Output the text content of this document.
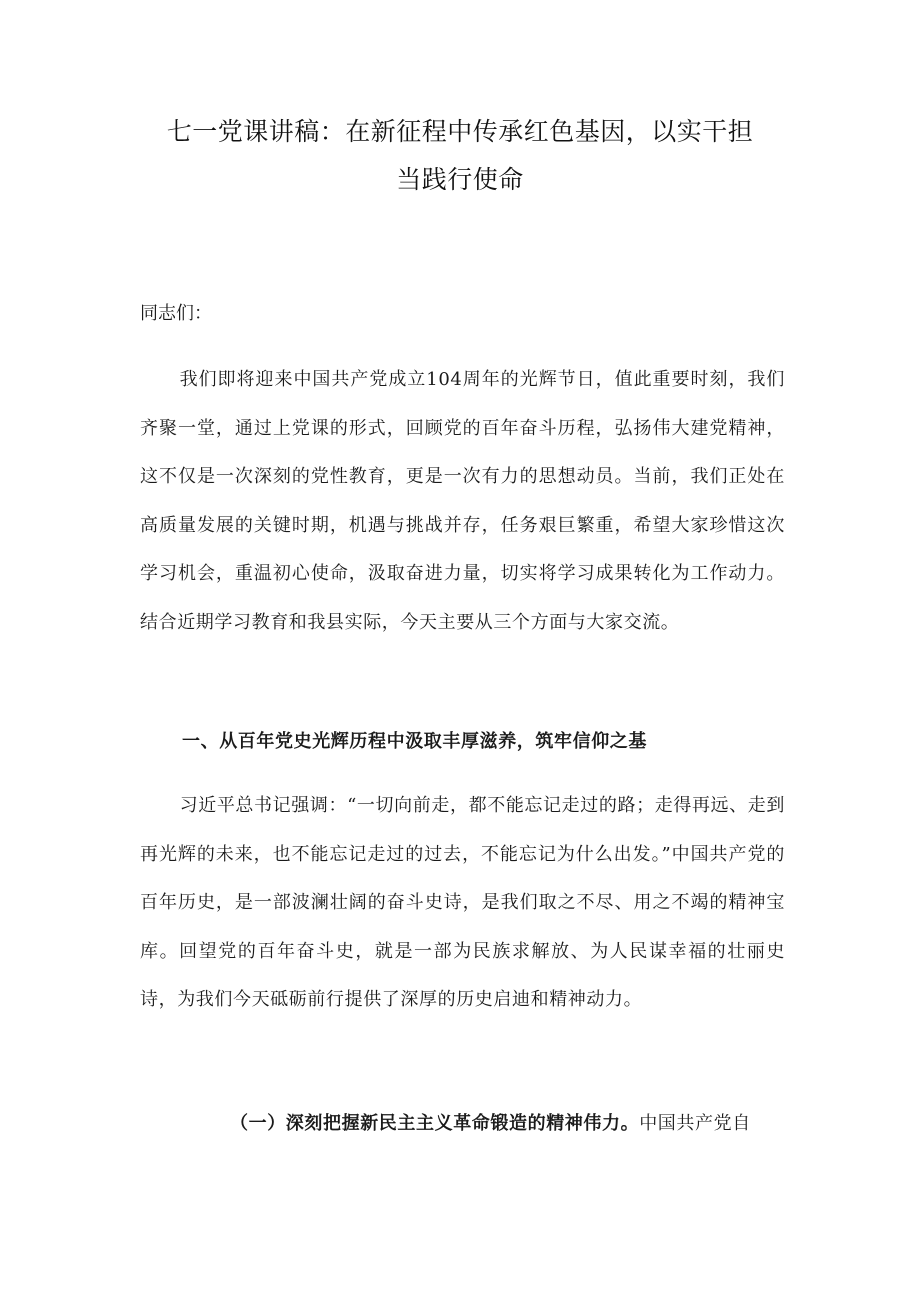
七一党课讲稿：在新征程中传承红色基因，以实干担
当践行使命

同志们：

我们即将迎来中国共产党成立104周年的光辉节日，值此重要时刻，我们齐聚一堂，通过上党课的形式，回顾党的百年奋斗历程，弘扬伟大建党精神，这不仅是一次深刻的党性教育，更是一次有力的思想动员。当前，我们正处在高质量发展的关键时期，机遇与挑战并存，任务艰巨繁重，希望大家珍惜这次学习机会，重温初心使命，汲取奋进力量，切实将学习成果转化为工作动力。结合近期学习教育和我县实际，今天主要从三个方面与大家交流。

一、从百年党史光辉历程中汲取丰厚滋养，筑牢信仰之基

习近平总书记强调：“一切向前走，都不能忘记走过的路；走得再远、走到再光辉的未来，也不能忘记走过的过去，不能忘记为什么出发。”中国共产党的百年历史，是一部波澜壮阔的奋斗史诗，是我们取之不尽、用之不竭的精神宝库。回望党的百年奋斗史，就是一部为民族求解放、为人民谋幸福的壮丽史诗，为我们今天砥砺前行提供了深厚的历史启迪和精神动力。

（一）深刻把握新民主主义革命锻造的精神伟力。中国共产党自
